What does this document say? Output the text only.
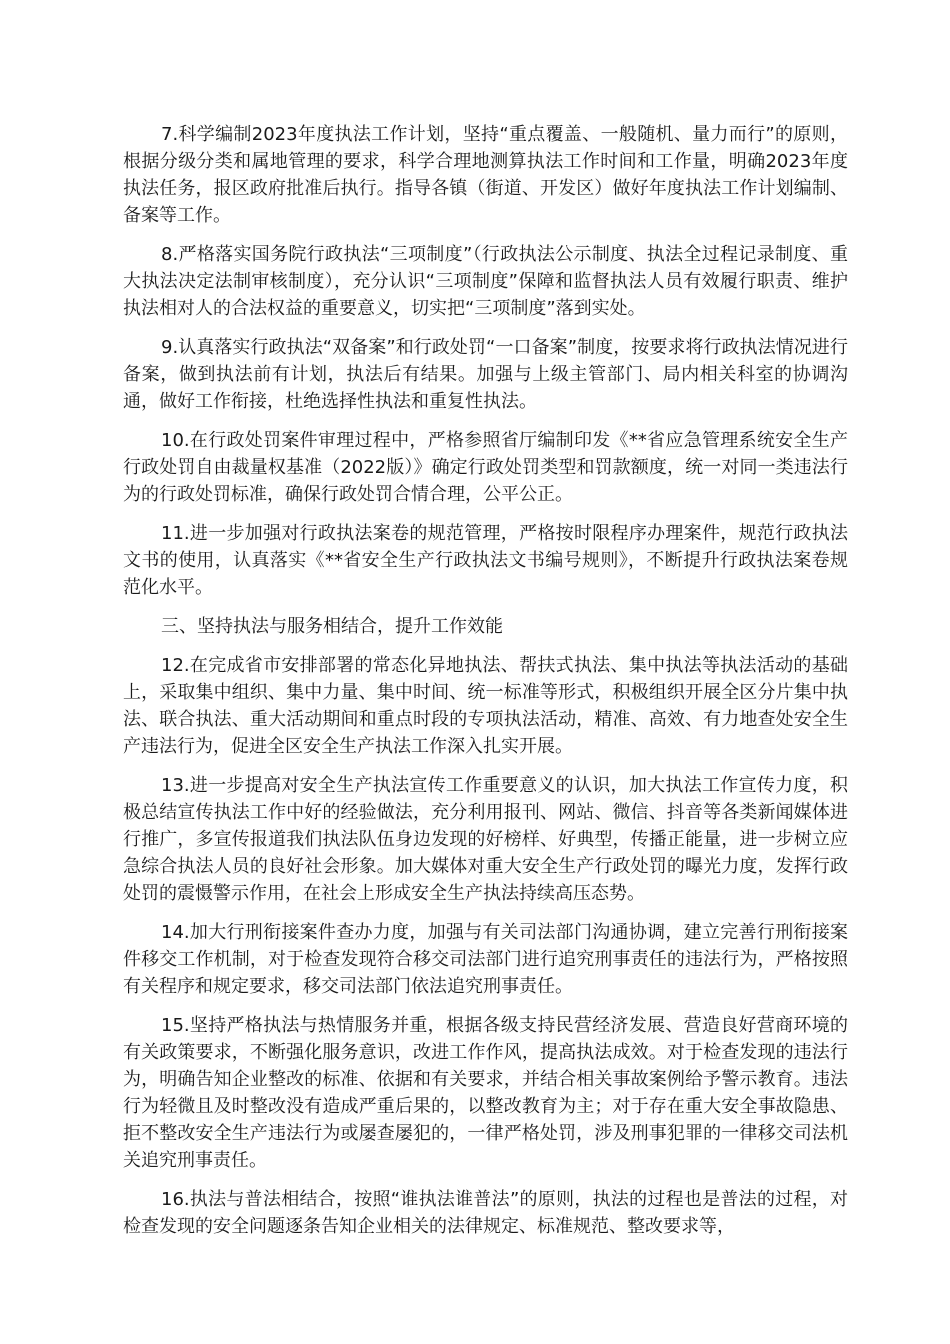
7.科学编制2023年度执法工作计划，坚持“重点覆盖、一般随机、量力而行”的原则，根据分级分类和属地管理的要求，科学合理地测算执法工作时间和工作量，明确2023年度执法任务，报区政府批准后执行。指导各镇（街道、开发区）做好年度执法工作计划编制、备案等工作。

8.严格落实国务院行政执法“三项制度”（行政执法公示制度、执法全过程记录制度、重大执法决定法制审核制度），充分认识“三项制度”保障和监督执法人员有效履行职责、维护执法相对人的合法权益的重要意义，切实把“三项制度”落到实处。

9.认真落实行政执法“双备案”和行政处罚“一口备案”制度，按要求将行政执法情况进行备案，做到执法前有计划，执法后有结果。加强与上级主管部门、局内相关科室的协调沟通，做好工作衔接，杜绝选择性执法和重复性执法。

10.在行政处罚案件审理过程中，严格参照省厅编制印发《**省应急管理系统安全生产行政处罚自由裁量权基准（2022版）》确定行政处罚类型和罚款额度，统一对同一类违法行为的行政处罚标准，确保行政处罚合情合理，公平公正。

11.进一步加强对行政执法案卷的规范管理，严格按时限程序办理案件，规范行政执法文书的使用，认真落实《**省安全生产行政执法文书编号规则》，不断提升行政执法案卷规范化水平。

三、坚持执法与服务相结合，提升工作效能

12.在完成省市安排部署的常态化异地执法、帮扶式执法、集中执法等执法活动的基础上，采取集中组织、集中力量、集中时间、统一标准等形式，积极组织开展全区分片集中执法、联合执法、重大活动期间和重点时段的专项执法活动，精准、高效、有力地查处安全生产违法行为，促进全区安全生产执法工作深入扎实开展。

13.进一步提高对安全生产执法宣传工作重要意义的认识，加大执法工作宣传力度，积极总结宣传执法工作中好的经验做法，充分利用报刊、网站、微信、抖音等各类新闻媒体进行推广，多宣传报道我们执法队伍身边发现的好榜样、好典型，传播正能量，进一步树立应急综合执法人员的良好社会形象。加大媒体对重大安全生产行政处罚的曝光力度，发挥行政处罚的震慑警示作用，在社会上形成安全生产执法持续高压态势。

14.加大行刑衔接案件查办力度，加强与有关司法部门沟通协调，建立完善行刑衔接案件移交工作机制，对于检查发现符合移交司法部门进行追究刑事责任的违法行为，严格按照有关程序和规定要求，移交司法部门依法追究刑事责任。

15.坚持严格执法与热情服务并重，根据各级支持民营经济发展、营造良好营商环境的有关政策要求，不断强化服务意识，改进工作作风，提高执法成效。对于检查发现的违法行为，明确告知企业整改的标准、依据和有关要求，并结合相关事故案例给予警示教育。违法行为轻微且及时整改没有造成严重后果的，以整改教育为主；对于存在重大安全事故隐患、拒不整改安全生产违法行为或屡查屡犯的，一律严格处罚，涉及刑事犯罪的一律移交司法机关追究刑事责任。

16.执法与普法相结合，按照“谁执法谁普法”的原则，执法的过程也是普法的过程，对检查发现的安全问题逐条告知企业相关的法律规定、标准规范、整改要求等，
